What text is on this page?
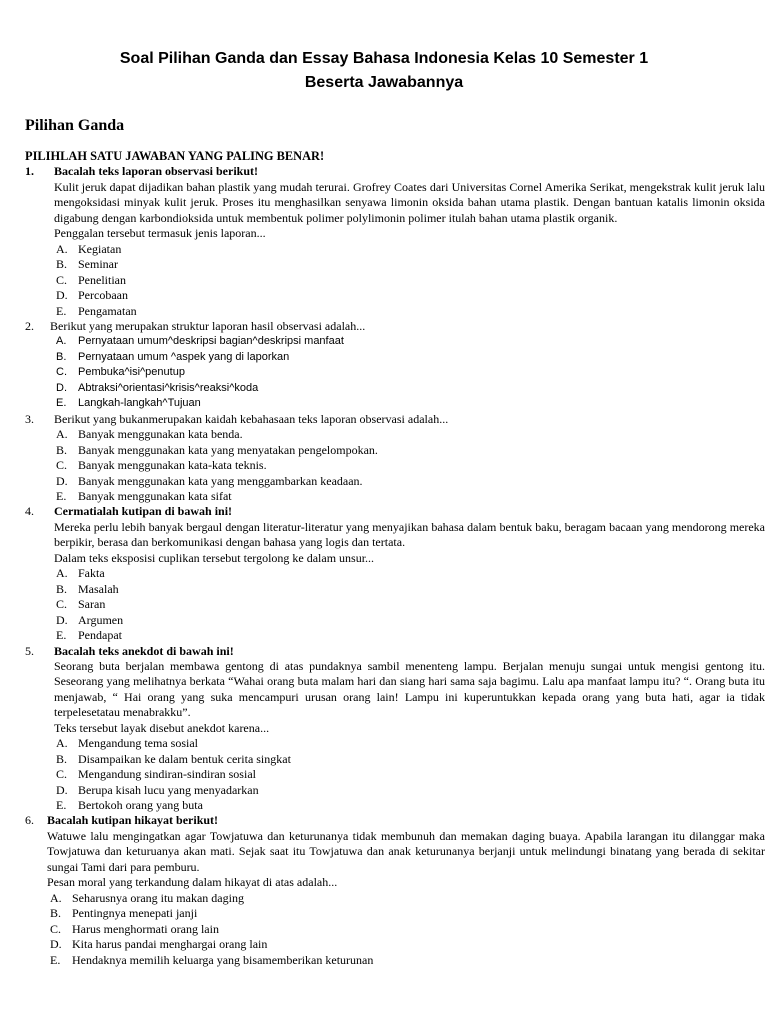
Soal Pilihan Ganda dan Essay Bahasa Indonesia Kelas 10 Semester 1
Beserta Jawabannya
Pilihan Ganda
PILIHLAH SATU JAWABAN YANG PALING BENAR!
1. Bacalah teks laporan observasi berikut!
Kulit jeruk dapat dijadikan bahan plastik yang mudah terurai. Grofrey Coates dari Universitas Cornel Amerika Serikat, mengekstrak kulit jeruk lalu mengoksidasi minyak kulit jeruk. Proses itu menghasilkan senyawa limonin oksida bahan utama plastik. Dengan bantuan katalis limonin oksida digabung dengan karbondioksida untuk membentuk polimer polylimonin polimer itulah bahan utama plastik organik.
Penggalan tersebut termasuk jenis laporan...
A. Kegiatan
B. Seminar
C. Penelitian
D. Percobaan
E. Pengamatan
2. Berikut yang merupakan struktur laporan hasil observasi adalah...
A. Pernyataan umum^deskripsi bagian^deskripsi manfaat
B. Pernyataan umum ^aspek yang di laporkan
C. Pembuka^isi^penutup
D. Abtraksi^orientasi^krisis^reaksi^koda
E. Langkah-langkah^Tujuan
3. Berikut yang bukanmerupakan kaidah kebahasaan teks laporan observasi adalah...
A. Banyak menggunakan kata benda.
B. Banyak menggunakan kata yang menyatakan pengelompokan.
C. Banyak menggunakan kata-kata teknis.
D. Banyak menggunakan kata yang menggambarkan keadaan.
E. Banyak menggunakan kata sifat
4. Cermatialah kutipan di bawah ini!
Mereka perlu lebih banyak bergaul dengan literatur-literatur yang menyajikan bahasa dalam bentuk baku, beragam bacaan yang mendorong mereka berpikir, berasa dan berkomunikasi dengan bahasa yang logis dan tertata.
Dalam teks eksposisi cuplikan tersebut tergolong ke dalam unsur...
A. Fakta
B. Masalah
C. Saran
D. Argumen
E. Pendapat
5. Bacalah teks anekdot di bawah ini!
Seorang buta berjalan membawa gentong di atas pundaknya sambil menenteng lampu. Berjalan menuju sungai untuk mengisi gentong itu. Seseorang yang melihatnya berkata “Wahai orang buta malam hari dan siang hari sama saja bagimu. Lalu apa manfaat lampu itu? “. Orang buta itu menjawab, “ Hai orang yang suka mencampuri urusan orang lain! Lampu ini kuperuntukkan kepada orang yang buta hati, agar ia tidak terpelesetatau menabrakku”.
Teks tersebut layak disebut anekdot karena...
A. Mengandung tema sosial
B. Disampaikan ke dalam bentuk cerita singkat
C. Mengandung sindiran-sindiran sosial
D. Berupa kisah lucu yang menyadarkan
E. Bertokoh orang yang buta
6. Bacalah kutipan hikayat berikut!
Watuwe lalu mengingatkan agar Towjatuwa dan keturunanya tidak membunuh dan memakan daging buaya. Apabila larangan itu dilanggar maka Towjatuwa dan keturuanya akan mati. Sejak saat itu Towjatuwa dan anak keturunanya berjanji untuk melindungi binatang yang berada di sekitar sungai Tami dari para pemburu.
Pesan moral yang terkandung dalam hikayat di atas adalah...
A. Seharusnya orang itu makan daging
B. Pentingnya menepati janji
C. Harus menghormati orang lain
D. Kita harus pandai menghargai orang lain
E. Hendaknya memilih keluarga yang bisamemberikan keturunan
